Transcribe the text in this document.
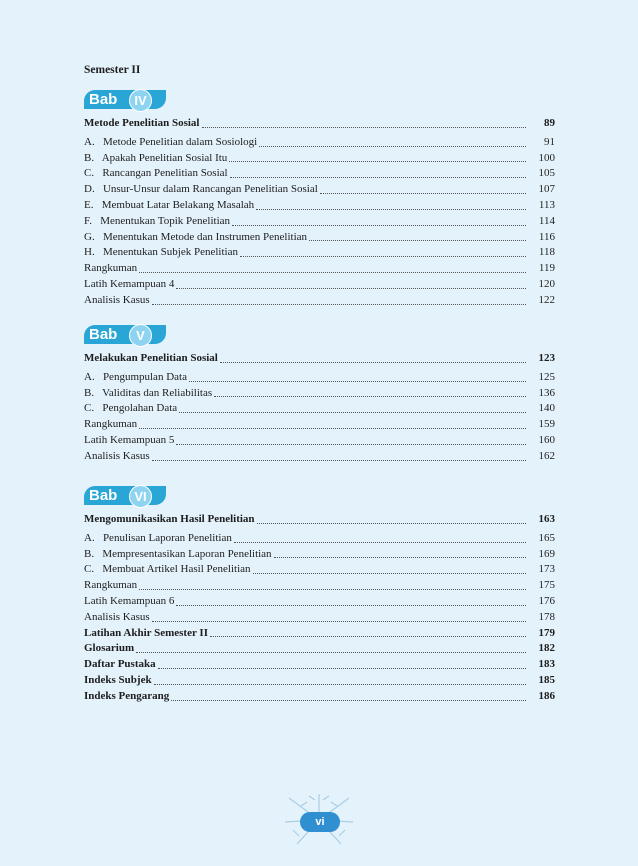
Semester II
Bab	IV
Metode Penelitian Sosial	89
A.   Metode Penelitian dalam Sosiologi	91
B.   Apakah Penelitian Sosial Itu	100
C.   Rancangan Penelitian Sosial	105
D.   Unsur-Unsur dalam Rancangan Penelitian Sosial	107
E.   Membuat Latar Belakang Masalah	113
F.   Menentukan Topik Penelitian	114
G.   Menentukan Metode dan Instrumen Penelitian	116
H.   Menentukan Subjek Penelitian	118
Rangkuman	119
Latih Kemampuan 4	120
Analisis Kasus	122
Bab	V
Melakukan Penelitian Sosial	123
A.   Pengumpulan Data	125
B.   Validitas dan Reliabilitas	136
C.   Pengolahan Data	140
Rangkuman	159
Latih Kemampuan 5	160
Analisis Kasus	162
Bab	VI
Mengomunikasikan Hasil Penelitian	163
A.   Penulisan Laporan Penelitian	165
B.   Mempresentasikan Laporan Penelitian	169
C.   Membuat Artikel Hasil Penelitian	173
Rangkuman	175
Latih Kemampuan 6	176
Analisis Kasus	178
Latihan Akhir Semester II	179
Glosarium	182
Daftar Pustaka	183
Indeks Subjek	185
Indeks Pengarang	186
vi
